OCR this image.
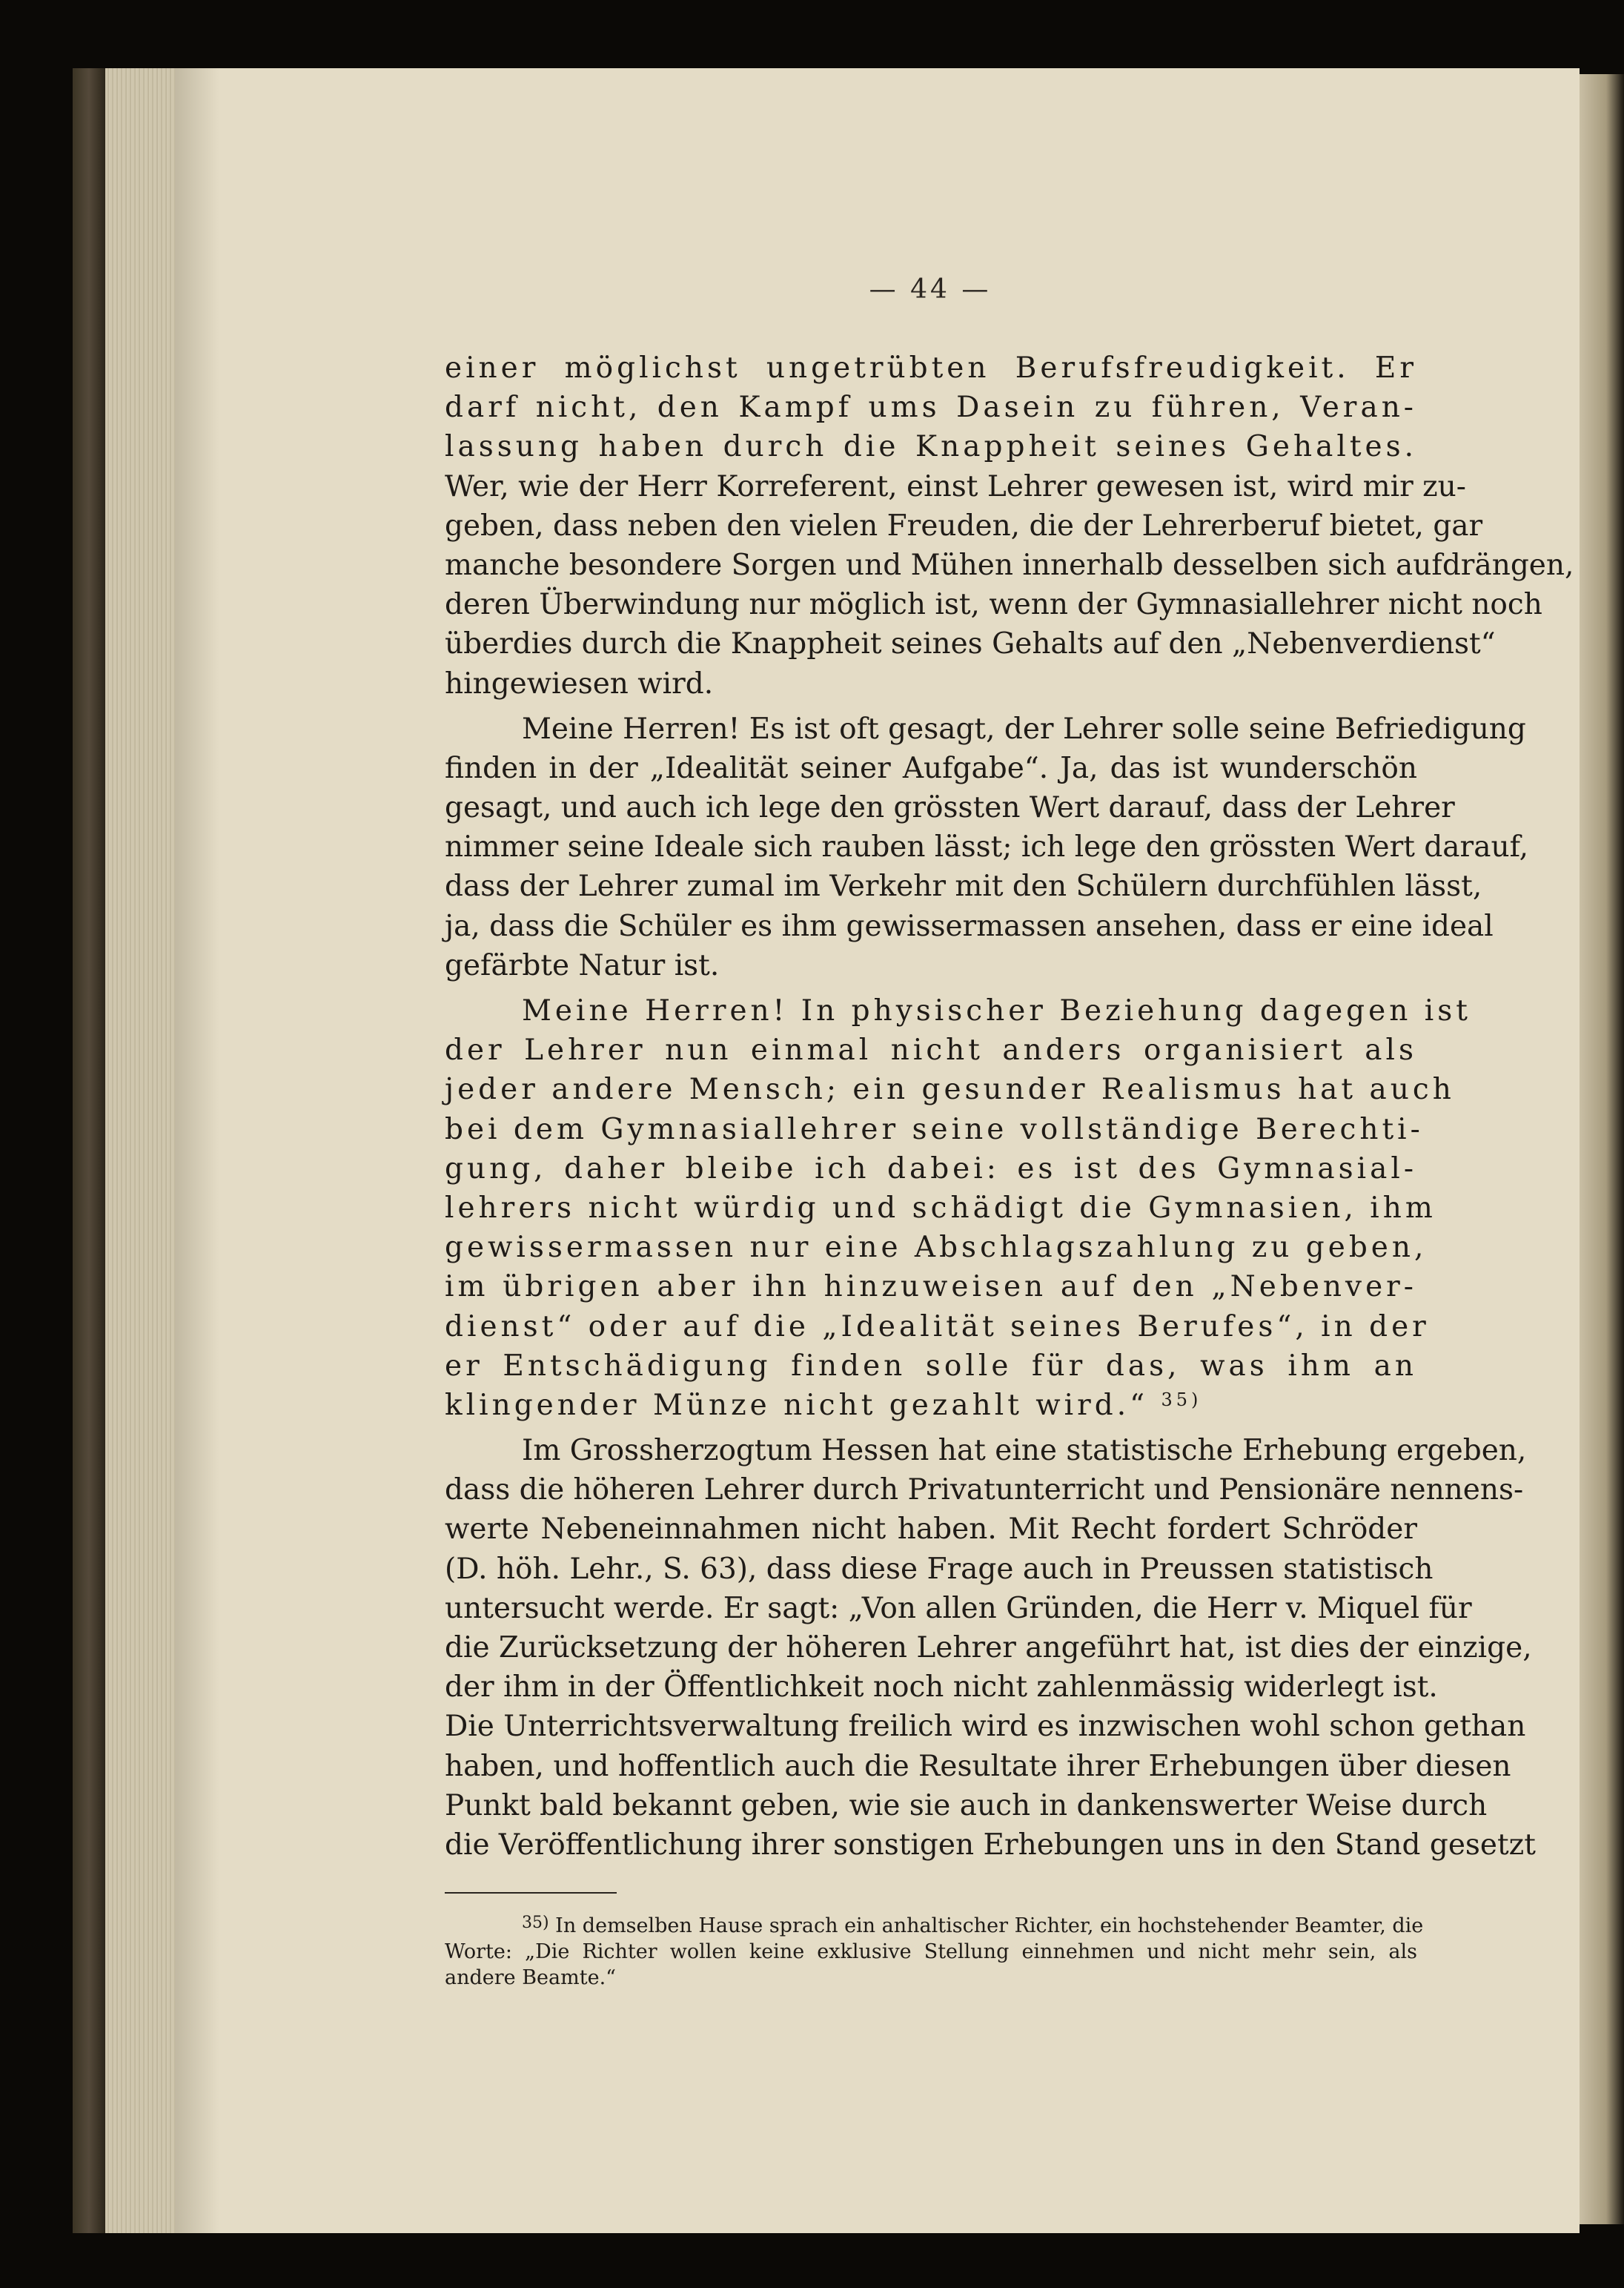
— 44 —
einer möglichst ungetrübten Berufsfreudigkeit. Er
darf nicht, den Kampf ums Dasein zu führen, Veran-
lassung haben durch die Knappheit seines Gehaltes.
Wer, wie der Herr Korreferent, einst Lehrer gewesen ist, wird mir zu-
geben, dass neben den vielen Freuden, die der Lehrerberuf bietet, gar
manche besondere Sorgen und Mühen innerhalb desselben sich aufdrängen,
deren Überwindung nur möglich ist, wenn der Gymnasiallehrer nicht noch
überdies durch die Knappheit seines Gehalts auf den „Nebenverdienst“
hingewiesen wird.
Meine Herren! Es ist oft gesagt, der Lehrer solle seine Befriedigung
finden in der „Idealität seiner Aufgabe“. Ja, das ist wunderschön
gesagt, und auch ich lege den grössten Wert darauf, dass der Lehrer
nimmer seine Ideale sich rauben lässt; ich lege den grössten Wert darauf,
dass der Lehrer zumal im Verkehr mit den Schülern durchfühlen lässt,
ja, dass die Schüler es ihm gewissermassen ansehen, dass er eine ideal
gefärbte Natur ist.
Meine Herren! In physischer Beziehung dagegen ist
der Lehrer nun einmal nicht anders organisiert als
jeder andere Mensch; ein gesunder Realismus hat auch
bei dem Gymnasiallehrer seine vollständige Berechti-
gung, daher bleibe ich dabei: es ist des Gymnasial-
lehrers nicht würdig und schädigt die Gymnasien, ihm
gewissermassen nur eine Abschlagszahlung zu geben,
im übrigen aber ihn hinzuweisen auf den „Nebenver-
dienst“ oder auf die „Idealität seines Berufes“, in der
er Entschädigung finden solle für das, was ihm an
klingender Münze nicht gezahlt wird.“ $^{35)}$
Im Grossherzogtum Hessen hat eine statistische Erhebung ergeben,
dass die höheren Lehrer durch Privatunterricht und Pensionäre nennens-
werte Nebeneinnahmen nicht haben. Mit Recht fordert Schröder
(D. höh. Lehr., S. 63), dass diese Frage auch in Preussen statistisch
untersucht werde. Er sagt: „Von allen Gründen, die Herr v. Miquel für
die Zurücksetzung der höheren Lehrer angeführt hat, ist dies der einzige,
der ihm in der Öffentlichkeit noch nicht zahlenmässig widerlegt ist.
Die Unterrichtsverwaltung freilich wird es inzwischen wohl schon gethan
haben, und hoffentlich auch die Resultate ihrer Erhebungen über diesen
Punkt bald bekannt geben, wie sie auch in dankenswerter Weise durch
die Veröffentlichung ihrer sonstigen Erhebungen uns in den Stand gesetzt
$^{35)}$ In demselben Hause sprach ein anhaltischer Richter, ein hochstehender Beamter, die
Worte: „Die Richter wollen keine exklusive Stellung einnehmen und nicht mehr sein, als
andere Beamte.“
